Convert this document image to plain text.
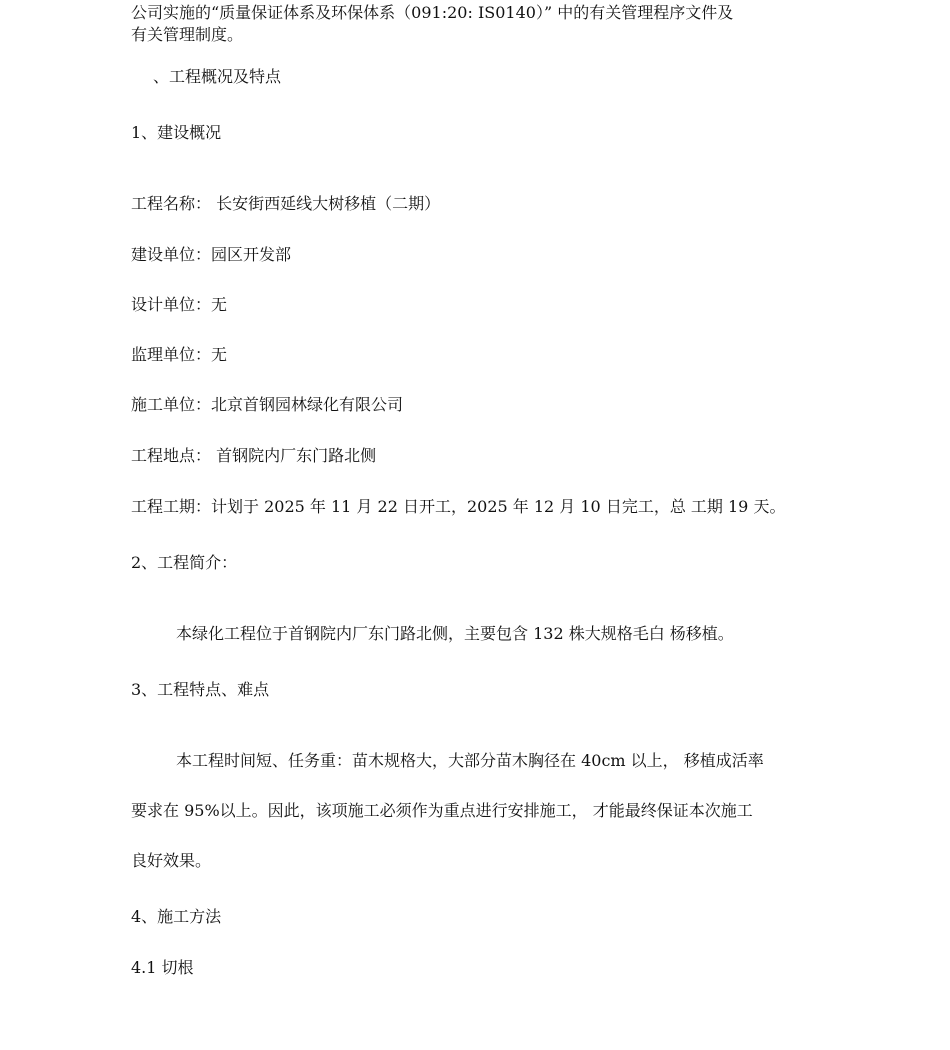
公司实施的“质量保证体系及环保体系（091:20: IS0140）” 中的有关管理程序文件及
有关管理制度。
、工程概况及特点
1、建设概况
工程名称： 长安街西延线大树移植（二期）
建设单位：园区开发部
设计单位：无
监理单位：无
施工单位：北京首钢园林绿化有限公司
工程地点： 首钢院内厂东门路北侧
工程工期：计划于 2025 年 11 月 22 日开工，2025 年 12 月 10 日完工，总 工期 19 天。
2、工程简介：
本绿化工程位于首钢院内厂东门路北侧，主要包含 132 株大规格毛白 杨移植。
3、工程特点、难点
本工程时间短、任务重：苗木规格大，大部分苗木胸径在 40cm 以上， 移植成活率
要求在 95%以上。因此，该项施工必须作为重点进行安排施工， 才能最终保证本次施工
良好效果。
4、施工方法
4.1 切根
